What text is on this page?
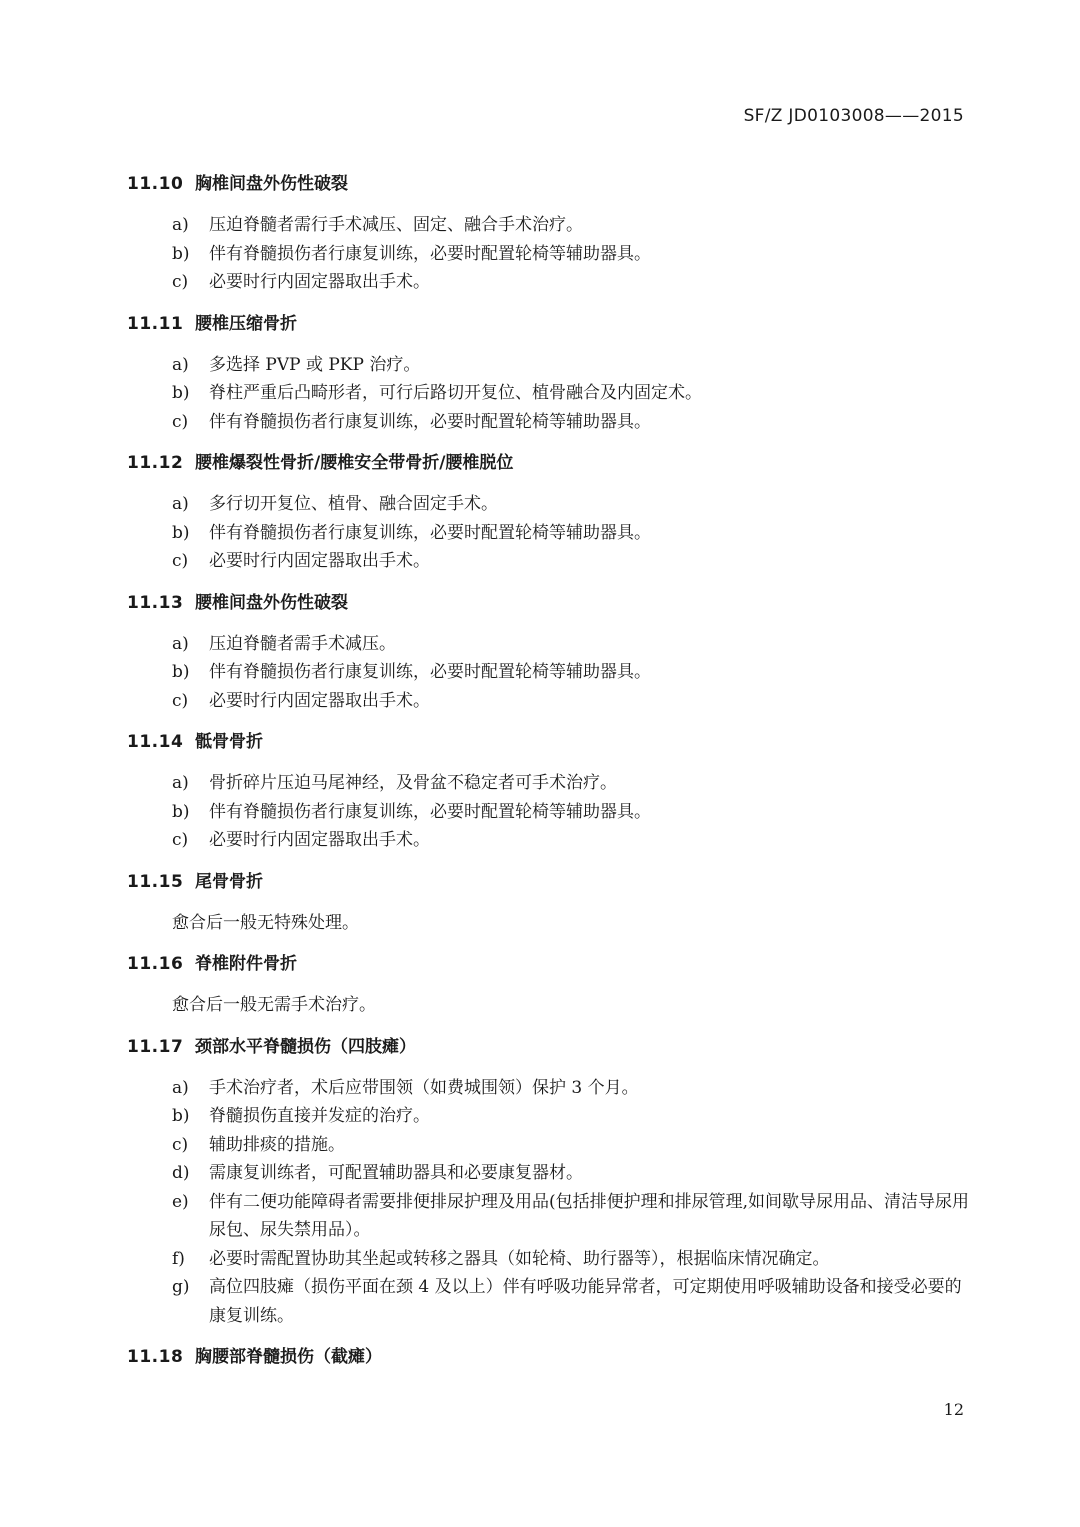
SF/Z JD0103008——2015
11.10 胸椎间盘外伤性破裂
a) 压迫脊髓者需行手术减压、固定、融合手术治疗。
b) 伴有脊髓损伤者行康复训练，必要时配置轮椅等辅助器具。
c) 必要时行内固定器取出手术。
11.11 腰椎压缩骨折
a) 多选择 PVP 或 PKP 治疗。
b) 脊柱严重后凸畸形者，可行后路切开复位、植骨融合及内固定术。
c) 伴有脊髓损伤者行康复训练，必要时配置轮椅等辅助器具。
11.12 腰椎爆裂性骨折/腰椎安全带骨折/腰椎脱位
a) 多行切开复位、植骨、融合固定手术。
b) 伴有脊髓损伤者行康复训练，必要时配置轮椅等辅助器具。
c) 必要时行内固定器取出手术。
11.13 腰椎间盘外伤性破裂
a) 压迫脊髓者需手术减压。
b) 伴有脊髓损伤者行康复训练，必要时配置轮椅等辅助器具。
c) 必要时行内固定器取出手术。
11.14 骶骨骨折
a) 骨折碎片压迫马尾神经，及骨盆不稳定者可手术治疗。
b) 伴有脊髓损伤者行康复训练，必要时配置轮椅等辅助器具。
c) 必要时行内固定器取出手术。
11.15 尾骨骨折
愈合后一般无特殊处理。
11.16 脊椎附件骨折
愈合后一般无需手术治疗。
11.17 颈部水平脊髓损伤（四肢瘫）
a) 手术治疗者，术后应带围领（如费城围领）保护 3 个月。
b) 脊髓损伤直接并发症的治疗。
c) 辅助排痰的措施。
d) 需康复训练者，可配置辅助器具和必要康复器材。
e) 伴有二便功能障碍者需要排便排尿护理及用品(包括排便护理和排尿管理,如间歇导尿用品、清洁导尿用尿包、尿失禁用品）。
f) 必要时需配置协助其坐起或转移之器具（如轮椅、助行器等），根据临床情况确定。
g) 高位四肢瘫（损伤平面在颈 4 及以上）伴有呼吸功能异常者，可定期使用呼吸辅助设备和接受必要的康复训练。
11.18 胸腰部脊髓损伤（截瘫）
12
